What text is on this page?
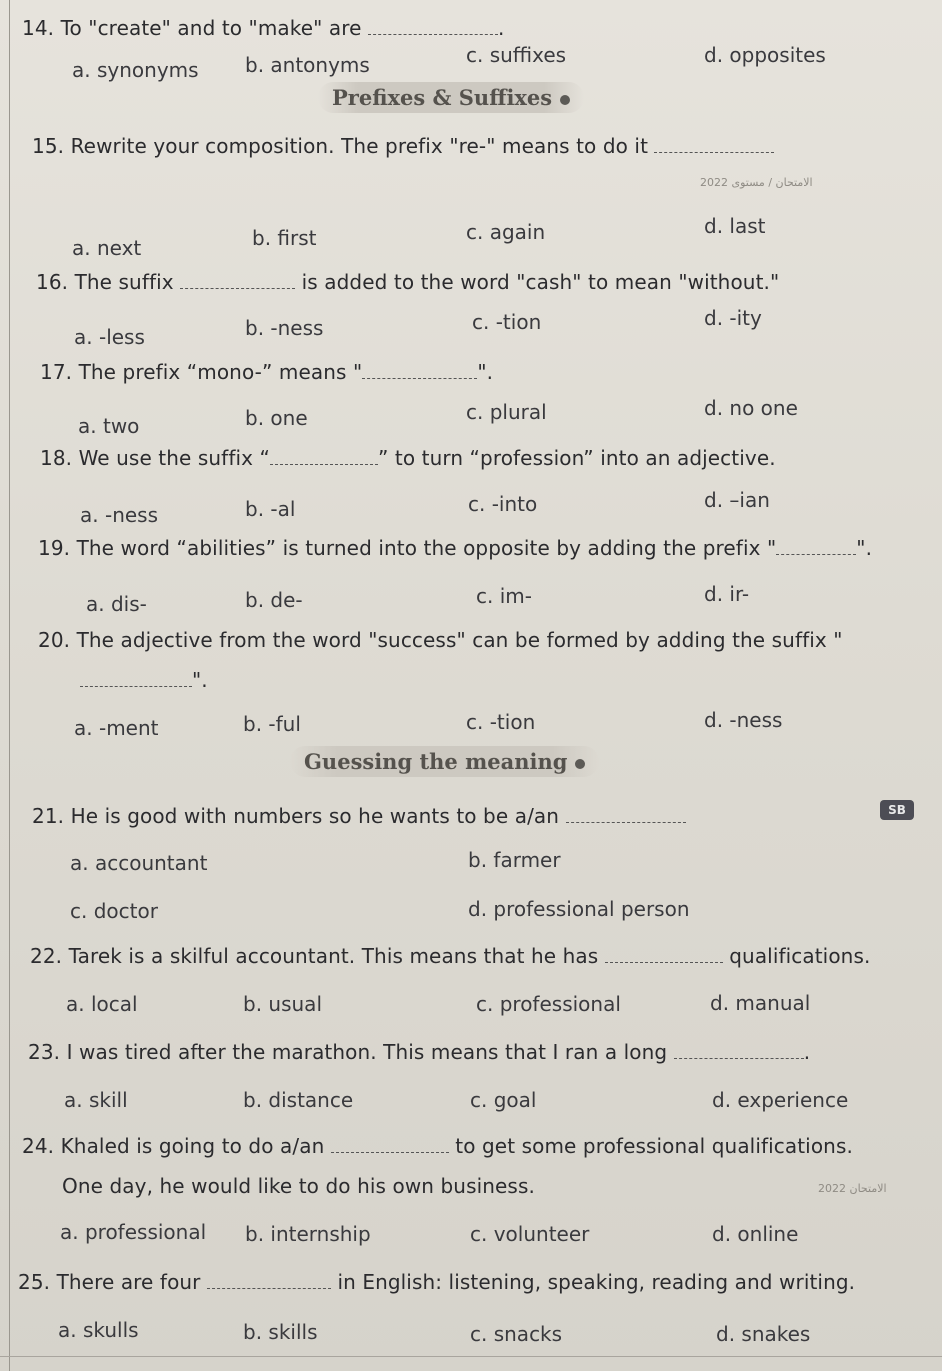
14. To "create" and to "make" are	.
a. synonyms b. antonyms	c. suffixes	d. opposites
Prefixes & Suffixes
15. Rewrite your composition. The prefix "re-" means to do it
2022 الامتحان / مستوى
a. next	b. first	c. again	d. last
16. The suffix	is added to the word "cash" to mean "without."
a. -less	b. -ness	c. -tion	d. -ity
17. The prefix “mono-” means "	".
a. two	b. one	c. plural	d. no one
18. We use the suffix “	” to turn “profession” into an adjective.
a. -ness	b. -al	c. -into	d. –ian
19. The word “abilities” is turned into the opposite by adding the prefix "	".
a. dis-	b. de-	c. im-	d. ir-
20. The adjective from the word "success" can be formed by adding the suffix "
".
a. -ment	b. -ful	c. -tion	d. -ness
Guessing the meaning
SB
21. He is good with numbers so he wants to be a/an
a. accountant	b. farmer
c. doctor	d. professional person
22. Tarek is a skilful accountant. This means that he has	qualifications.
a. local	b. usual	c. professional	d. manual
23. I was tired after the marathon. This means that I ran a long	.
a. skill	b. distance	c. goal	d. experience
24. Khaled is going to do a/an	to get some professional qualifications.
One day, he would like to do his own business.	2022 الامتحان
a. professional b. internship	c. volunteer	d. online
25. There are four	in English: listening, speaking, reading and writing.
a. skulls	b. skills	c. snacks	d. snakes
